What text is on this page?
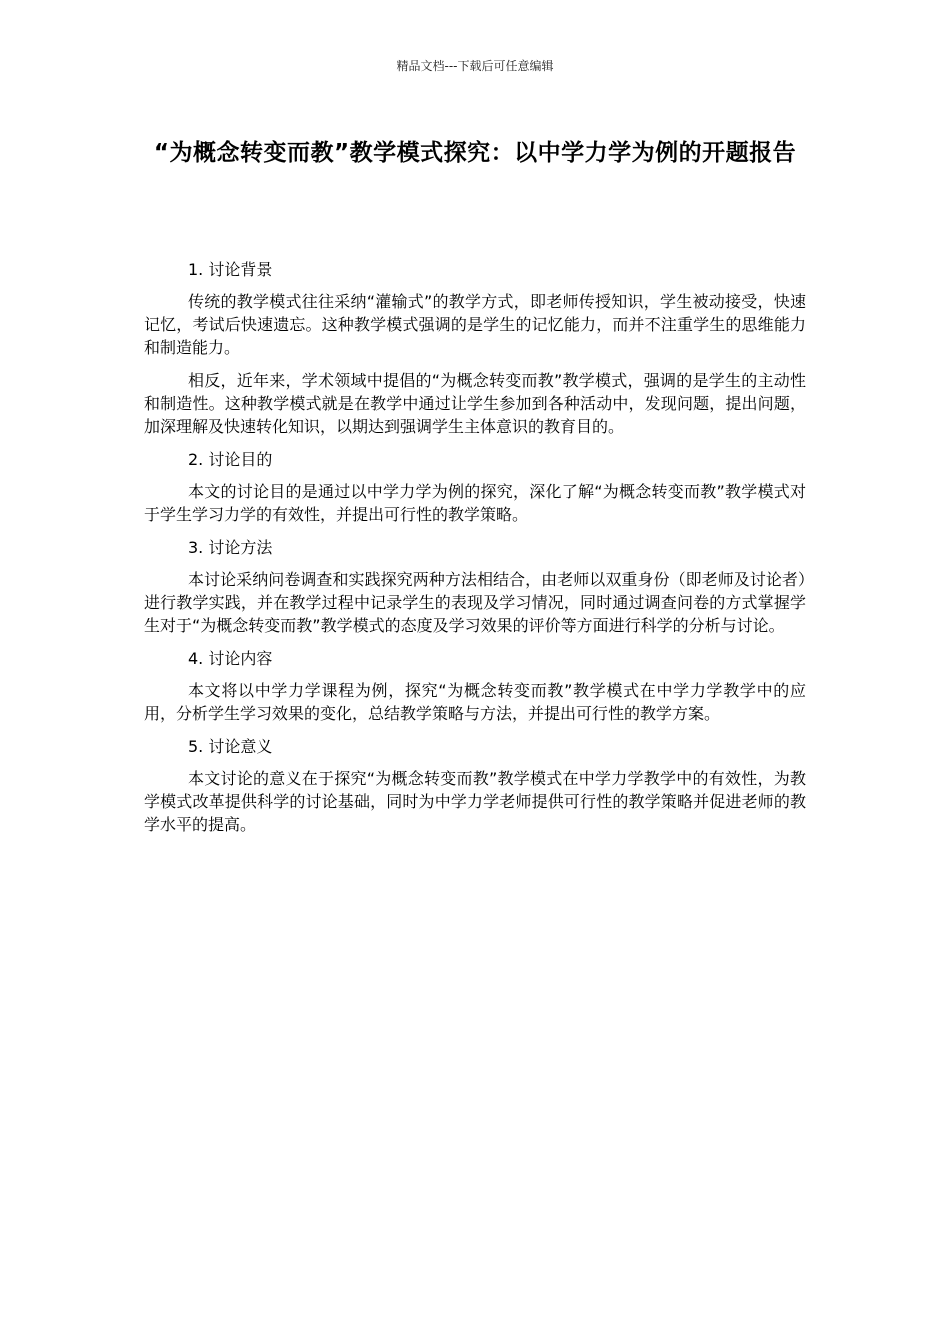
精品文档---下载后可任意编辑
“为概念转变而教”教学模式探究：以中学力学为例的开题报告
1. 讨论背景

传统的教学模式往往采纳“灌输式”的教学方式，即老师传授知识，学生被动接受，快速记忆，考试后快速遗忘。这种教学模式强调的是学生的记忆能力，而并不注重学生的思维能力和制造能力。

相反，近年来，学术领域中提倡的“为概念转变而教”教学模式，强调的是学生的主动性和制造性。这种教学模式就是在教学中通过让学生参加到各种活动中，发现问题，提出问题，加深理解及快速转化知识，以期达到强调学生主体意识的教育目的。

2. 讨论目的

本文的讨论目的是通过以中学力学为例的探究，深化了解“为概念转变而教”教学模式对于学生学习力学的有效性，并提出可行性的教学策略。

3. 讨论方法

本讨论采纳问卷调查和实践探究两种方法相结合，由老师以双重身份（即老师及讨论者）进行教学实践，并在教学过程中记录学生的表现及学习情况，同时通过调查问卷的方式掌握学生对于“为概念转变而教”教学模式的态度及学习效果的评价等方面进行科学的分析与讨论。

4. 讨论内容

本文将以中学力学课程为例，探究“为概念转变而教”教学模式在中学力学教学中的应用，分析学生学习效果的变化，总结教学策略与方法，并提出可行性的教学方案。

5. 讨论意义

本文讨论的意义在于探究“为概念转变而教”教学模式在中学力学教学中的有效性，为教学模式改革提供科学的讨论基础，同时为中学力学老师提供可行性的教学策略并促进老师的教学水平的提高。
